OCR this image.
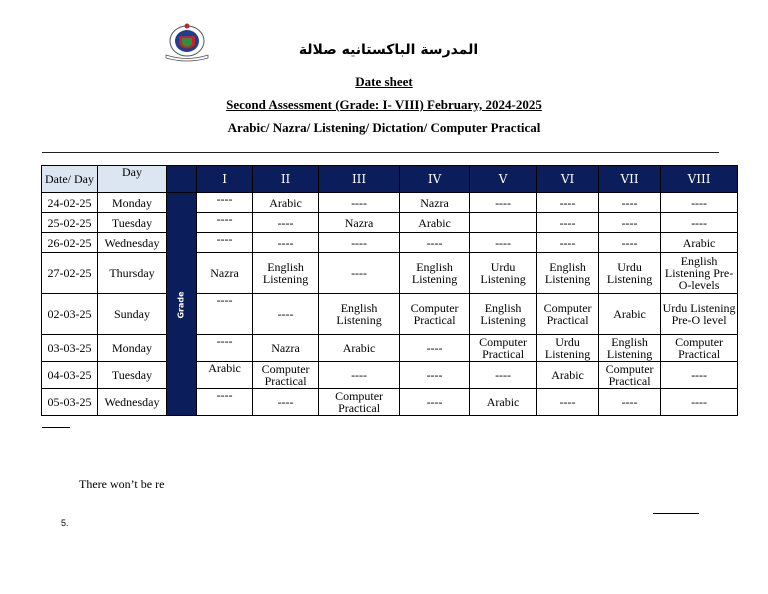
المدرسة الباكستانيه صلالة
Date sheet
Second Assessment (Grade: I- VIII) February, 2024-2025
Arabic/ Nazra/ Listening/ Dictation/ Computer Practical
Date/ Day	Day		I	II	III	IV	V	VI	VII	VIII
24-02-25	Monday	Grade	----	Arabic	----	Nazra	----	----	----	----
25-02-25	Tuesday		----	----	Nazra	Arabic		----	----	----
26-02-25	Wednesday		----	----	----	----	----	----	----	Arabic
27-02-25	Thursday		Nazra	English Listening	----	English Listening	Urdu Listening	English Listening	Urdu Listening	English Listening Pre-O-levels
02-03-25	Sunday		----	----	English Listening	Computer Practical	English Listening	Computer Practical	Arabic	Urdu Listening Pre-O level
03-03-25	Monday		----	Nazra	Arabic	----	Computer Practical	Urdu Listening	English Listening	Computer Practical
04-03-25	Tuesday		Arabic	Computer Practical	----	----	----	Arabic	Computer Practical	----
05-03-25	Wednesday		----	----	Computer Practical	----	Arabic	----	----	----
There won’t be re
5.
